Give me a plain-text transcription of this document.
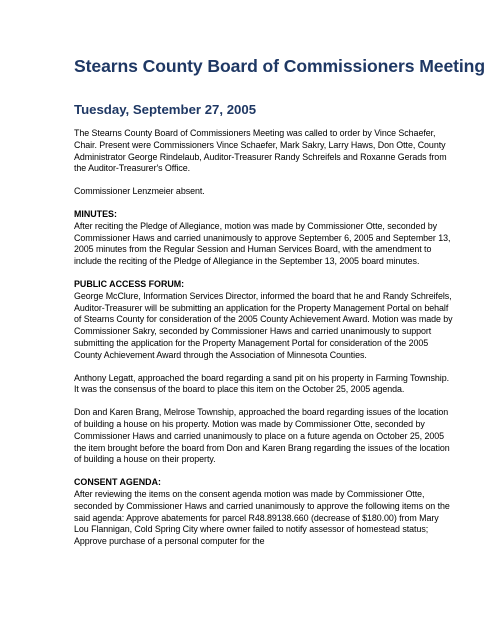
Stearns County Board of Commissioners Meeting
Tuesday, September 27, 2005

The Stearns County Board of Commissioners Meeting was called to order by Vince Schaefer, Chair. Present were Commissioners Vince Schaefer, Mark Sakry, Larry Haws, Don Otte, County Administrator George Rindelaub, Auditor-Treasurer Randy Schreifels and Roxanne Gerads from the Auditor-Treasurer's Office.

Commissioner Lenzmeier absent.

MINUTES:

After reciting the Pledge of Allegiance, motion was made by Commissioner Otte, seconded by Commissioner Haws and carried unanimously to approve September 6, 2005 and September 13, 2005 minutes from the Regular Session and Human Services Board, with the amendment to include the reciting of the Pledge of Allegiance in the September 13, 2005 board minutes.

PUBLIC ACCESS FORUM:

George McClure, Information Services Director, informed the board that he and Randy Schreifels, Auditor-Treasurer will be submitting an application for the Property Management Portal on behalf of Stearns County for consideration of the 2005 County Achievement Award. Motion was made by Commissioner Sakry, seconded by Commissioner Haws and carried unanimously to support submitting the application for the Property Management Portal for consideration of the 2005 County Achievement Award through the Association of Minnesota Counties.

Anthony Legatt, approached the board regarding a sand pit on his property in Farming Township. It was the consensus of the board to place this item on the October 25, 2005 agenda.

Don and Karen Brang, Melrose Township, approached the board regarding issues of the location of building a house on his property. Motion was made by Commissioner Otte, seconded by Commissioner Haws and carried unanimously to place on a future agenda on October 25, 2005 the item brought before the board from Don and Karen Brang regarding the issues of the location of building a house on their property.

CONSENT AGENDA:

After reviewing the items on the consent agenda motion was made by Commissioner Otte, seconded by Commissioner Haws and carried unanimously to approve the following items on the said agenda: Approve abatements for parcel R48.89138.660 (decrease of $180.00) from Mary Lou Flannigan, Cold Spring City where owner failed to notify assessor of homestead status; Approve purchase of a personal computer for the
